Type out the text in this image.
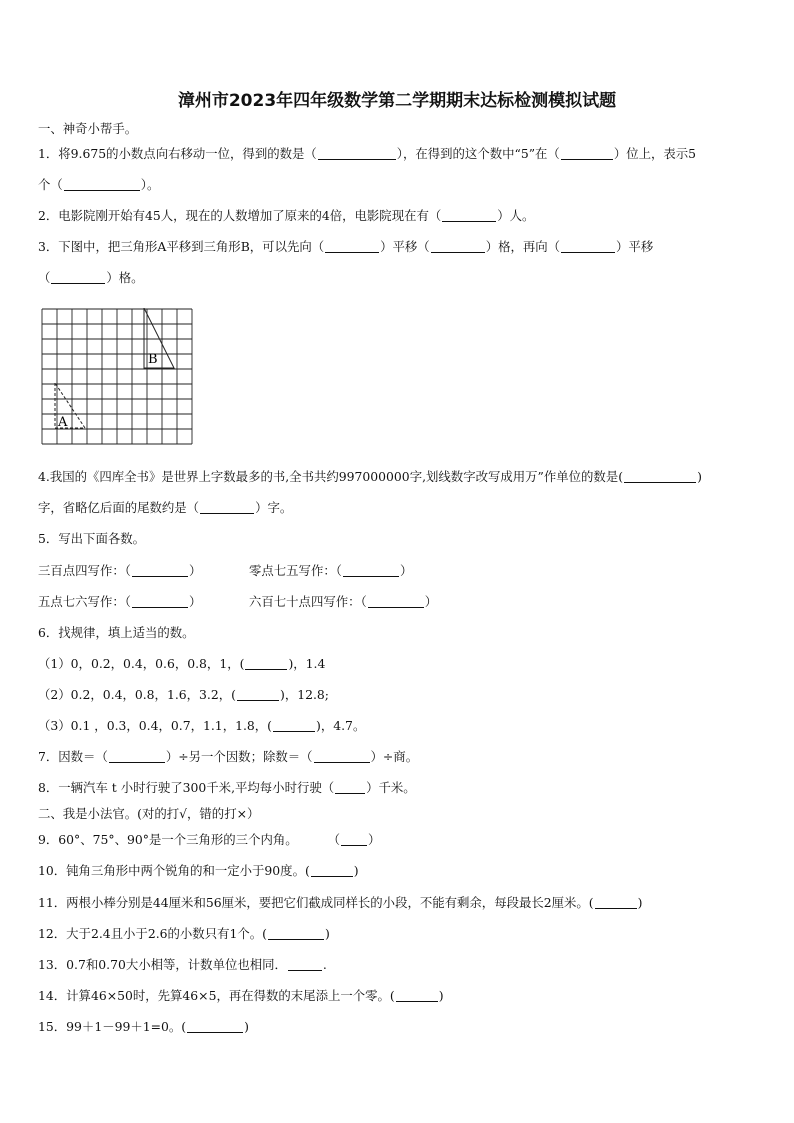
漳州市2023年四年级数学第二学期期末达标检测模拟试题
一、神奇小帮手。
1．将9.675的小数点向右移动一位，得到的数是（	），在得到的这个数中“5”在（	）位上，表示5
个（	）。
2．电影院刚开始有45人，现在的人数增加了原来的4倍，电影院现在有（	）人。
3．下图中，把三角形A平移到三角形B，可以先向（	）平移（	）格，再向（	）平移
（	）格。
B
A
4.我国的《四库全书》是世界上字数最多的书,全书共约997000000字,划线数字改写成用万”作单位的数是(	)
字，省略亿后面的尾数约是（	）字。
5．写出下面各数。
三百点四写作：（	）	零点七五写作：（	）
五点七六写作：（	）	六百七十点四写作：（	）
6．找规律，填上适当的数。
（1）0，0.2，0.4，0.6，0.8，1，(	)，1.4
（2）0.2，0.4，0.8，1.6，3.2，(	)，12.8;
（3）0.1 ，0.3，0.4，0.7，1.1，1.8，(	)，4.7。
7．因数＝（	）÷另一个因数；除数＝（	）÷商。
8．一辆汽车 t 小时行驶了300千米,平均每小时行驶（	）千米。
二、我是小法官。(对的打√，错的打×）
9．60°、75°、90°是一个三角形的三个内角。 （ ）
10．钝角三角形中两个锐角的和一定小于90度。(	)
11．两根小棒分别是44厘米和56厘米，要把它们截成同样长的小段，不能有剩余，每段最长2厘米。(	)
12．大于2.4且小于2.6的小数只有1个。(	)
13．0.7和0.70大小相等，计数单位也相同．	.
14．计算46×50时，先算46×5，再在得数的末尾添上一个零。(	)
15．99＋1－99＋1=0。(	)
